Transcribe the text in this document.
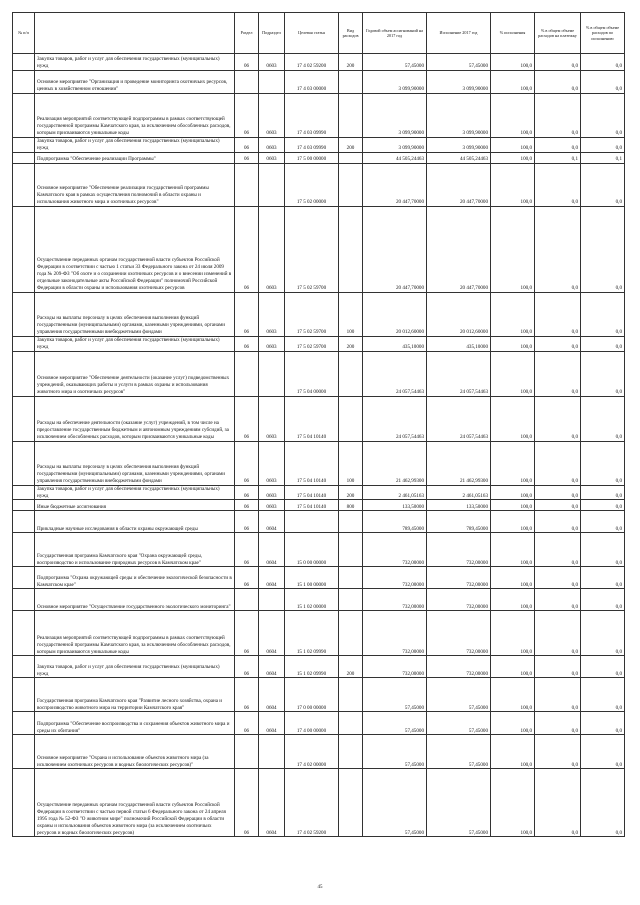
№ п/п		Раздел	Подраздел	Целевая статья	Вид расходов	Годовой объем ассигнований на 2017 год	Исполнение 2017 год	% исполнения	% в общем объеме расходов на платежку	% в общем объеме расходов по исполнению
	Закупка товаров, работ и услуг для обеспечения государственных (муниципальных) нужд	06	0603	17 4 02 59200	200	57,45000	57,45000	100,0	0,0	0,0
	Основное мероприятие "Организация и проведение мониторинга охотничьих ресурсов, ценных в хозяйственном отношении"			17 4 03 00000		3 099,90000	3 099,90000	100,0	0,0	0,0
	Реализация мероприятий соответствующей подпрограммы в рамках соответствующей государственной программы Камчатского края, за исключением обособленных расходов, которым присваиваются уникальные коды	06	0603	17 4 03 09990		3 099,90000	3 099,90000	100,0	0,0	0,0
	Закупка товаров, работ и услуг для обеспечения государственных (муниципальных) нужд	06	0603	17 4 03 09990	200	3 099,90000	3 099,90000	100,0	0,0	0,0
	Подпрограмма "Обеспечение реализации Программы"	06	0603	17 5 00 00000		44 505,24463	44 505,24463	100,0	0,1	0,1
	Основное мероприятие "Обеспечение реализации государственной программы Камчатского края в рамках осуществления полномочий в области охраны и использования животного мира и охотничьих ресурсов"			17 5 02 00000		20 447,70000	20 447,70000	100,0	0,0	0,0
	Осуществление переданных органам государственной власти субъектов Российской Федерации в соответствии с частью 1 статьи 33 Федерального закона от 24 июля 2009 года № 209-ФЗ "Об охоте и о сохранении охотничьих ресурсов и о внесении изменений в отдельные законодательные акты Российской Федерации" полномочий Российской Федерации в области охраны и использования охотничьих ресурсов	06	0603	17 5 02 59700		20 447,70000	20 447,70000	100,0	0,0	0,0
	Расходы на выплаты персоналу в целях обеспечения выполнения функций государственными (муниципальными) органами, казенными учреждениями, органами управления государственными внебюджетными фондами	06	0603	17 5 02 59700	100	20 012,60000	20 012,60000	100,0	0,0	0,0
	Закупка товаров, работ и услуг для обеспечения государственных (муниципальных) нужд	06	0603	17 5 02 59700	200	435,10000	435,10000	100,0	0,0	0,0
	Основное мероприятие "Обеспечение деятельности (оказание услуг) подведомственных учреждений, оказывающих работы и услуги в рамках охраны и использования животного мира и охотничьих ресурсов"			17 5 04 00000		24 057,54463	24 057,54463	100,0	0,0	0,0
	Расходы на обеспечение деятельности (оказание услуг) учреждений, в том числе на предоставление государственным бюджетным и автономным учреждениям субсидий, за исключением обособленных расходов, которым присваиваются уникальные коды	06	0603	17 5 04 10140		24 057,54463	24 057,54463	100,0	0,0	0,0
	Расходы на выплаты персоналу в целях обеспечения выполнения функций государственными (муниципальными) органами, казенными учреждениями, органами управления государственными внебюджетными фондами	06	0603	17 5 04 10140	100	21 462,99300	21 462,99300	100,0	0,0	0,0
	Закупка товаров, работ и услуг для обеспечения государственных (муниципальных) нужд	06	0603	17 5 04 10140	200	2 461,05163	2 461,05163	100,0	0,0	0,0
	Иные бюджетные ассигнования	06	0603	17 5 04 10140	800	133,50000	133,50000	100,0	0,0	0,0
	Прикладные научные исследования в области охраны окружающей среды	06	0604			789,45000	789,45000	100,0	0,0	0,0
	Государственная программа Камчатского края "Охрана окружающей среды, воспроизводство и использование природных ресурсов в Камчатском крае"	06	0604	15 0 00 00000		732,00000	732,00000	100,0	0,0	0,0
	Подпрограмма "Охрана окружающей среды и обеспечение экологической безопасности в Камчатском крае"	06	0604	15 1 00 00000		732,00000	732,00000	100,0	0,0	0,0
	Основное мероприятие "Осуществление государственного экологического мониторинга"			15 1 02 00000		732,00000	732,00000	100,0	0,0	0,0
	Реализация мероприятий соответствующей подпрограммы в рамках соответствующей государственной программы Камчатского края, за исключением обособленных расходов, которым присваиваются уникальные коды	06	0604	15 1 02 09990		732,00000	732,00000	100,0	0,0	0,0
	Закупка товаров, работ и услуг для обеспечения государственных (муниципальных) нужд	06	0604	15 1 02 09990	200	732,00000	732,00000	100,0	0,0	0,0
	Государственная программа Камчатского края "Развитие лесного хозяйства, охрана и воспроизводство животного мира на территории Камчатского края"	06	0604	17 0 00 00000		57,45000	57,45000	100,0	0,0	0,0
	Подпрограмма "Обеспечение воспроизводства и сохранения объектов животного мира и среды их обитания"	06	0604	17 4 00 00000		57,45000	57,45000	100,0	0,0	0,0
	Основное мероприятие "Охрана и использование объектов животного мира (за исключением охотничьих ресурсов и водных биологических ресурсов)"			17 4 02 00000		57,45000	57,45000	100,0	0,0	0,0
	Осуществление переданных органам государственной власти субъектов Российской Федерации в соответствии с частью первой статьи 6 Федерального закона от 24 апреля 1995 года № 52-ФЗ "О животном мире" полномочий Российской Федерации в области охраны и использования объектов животного мира (за исключением охотничьих ресурсов и водных биологических ресурсов)	06	0604	17 4 02 59200		57,45000	57,45000	100,0	0,0	0,0
45
